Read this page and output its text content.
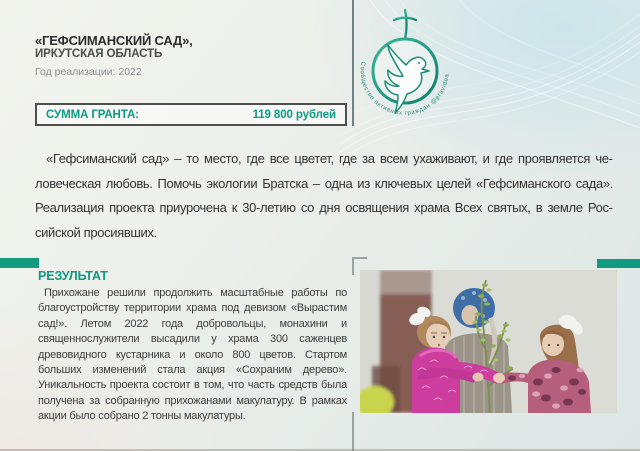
«ГЕФСИМАНСКИЙ САД»,
ИРКУТСКАЯ ОБЛАСТЬ
Год реализации: 2022
Сообщество активных граждан @pravidea
СУММА ГРАНТА:	119 800 рублей
«Гефсиманский сад» – то место, где все цветет, где за всем ухаживают, и где проявляется человеческая любовь. Помочь экологии Братска – одна из ключевых целей «Гефсиманского сада». Реализация проекта приурочена к 30-летию со дня освящения храма Всех святых, в земле Российской просиявших.
РЕЗУЛЬТАТ
Прихожане решили продолжить масштабные работы по благоустройству территории храма под девизом «Вырастим сад!». Летом 2022 года добровольцы, монахини и священнослужители высадили у храма 300 саженцев древовидного кустарника и около 800 цветов. Стартом больших изменений стала акция «Сохраним дерево». Уникальность проекта состоит в том, что часть средств была получена за собранную прихожанами макулатуру. В рамках акции было собрано 2 тонны макулатуры.
